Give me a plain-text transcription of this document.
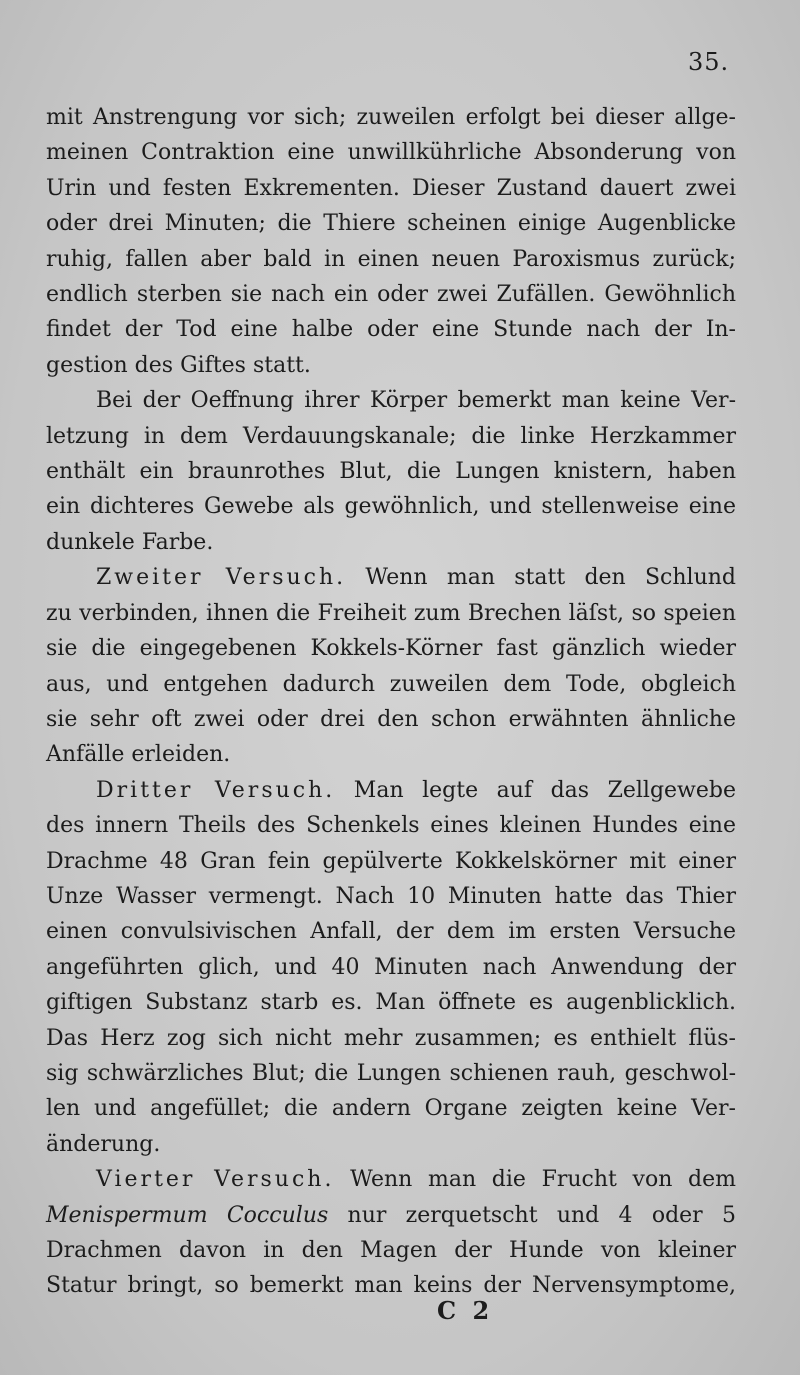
35.
mit Anstrengung vor sich; zuweilen erfolgt bei dieser allge-
meinen Contraktion eine unwillkührliche Absonderung von
Urin und festen Exkrementen. Dieser Zustand dauert zwei
oder drei Minuten; die Thiere scheinen einige Augenblicke
ruhig, fallen aber bald in einen neuen Paroxismus zurück;
endlich sterben sie nach ein oder zwei Zufällen. Gewöhnlich
findet der Tod eine halbe oder eine Stunde nach der In-
gestion des Giftes statt.
Bei der Oeffnung ihrer Körper bemerkt man keine Ver-
letzung in dem Verdauungskanale; die linke Herzkammer
enthält ein braunrothes Blut, die Lungen knistern, haben
ein dichteres Gewebe als gewöhnlich, und stellenweise eine
dunkele Farbe.
Zweiter Versuch. Wenn man statt den Schlund
zu verbinden, ihnen die Freiheit zum Brechen läſst, so speien
sie die eingegebenen Kokkels-Körner fast gänzlich wieder
aus, und entgehen dadurch zuweilen dem Tode, obgleich
sie sehr oft zwei oder drei den schon erwähnten ähnliche
Anfälle erleiden.
Dritter Versuch. Man legte auf das Zellgewebe
des innern Theils des Schenkels eines kleinen Hundes eine
Drachme 48 Gran fein gepülverte Kokkelskörner mit einer
Unze Wasser vermengt. Nach 10 Minuten hatte das Thier
einen convulsivischen Anfall, der dem im ersten Versuche
angeführten glich, und 40 Minuten nach Anwendung der
giftigen Substanz starb es. Man öffnete es augenblicklich.
Das Herz zog sich nicht mehr zusammen; es enthielt flüs-
sig schwärzliches Blut; die Lungen schienen rauh, geschwol-
len und angefüllet; die andern Organe zeigten keine Ver-
änderung.
Vierter Versuch. Wenn man die Frucht von dem
Menispermum Cocculus nur zerquetscht und 4 oder 5
Drachmen davon in den Magen der Hunde von kleiner
Statur bringt, so bemerkt man keins der Nervensymptome,
C 2
